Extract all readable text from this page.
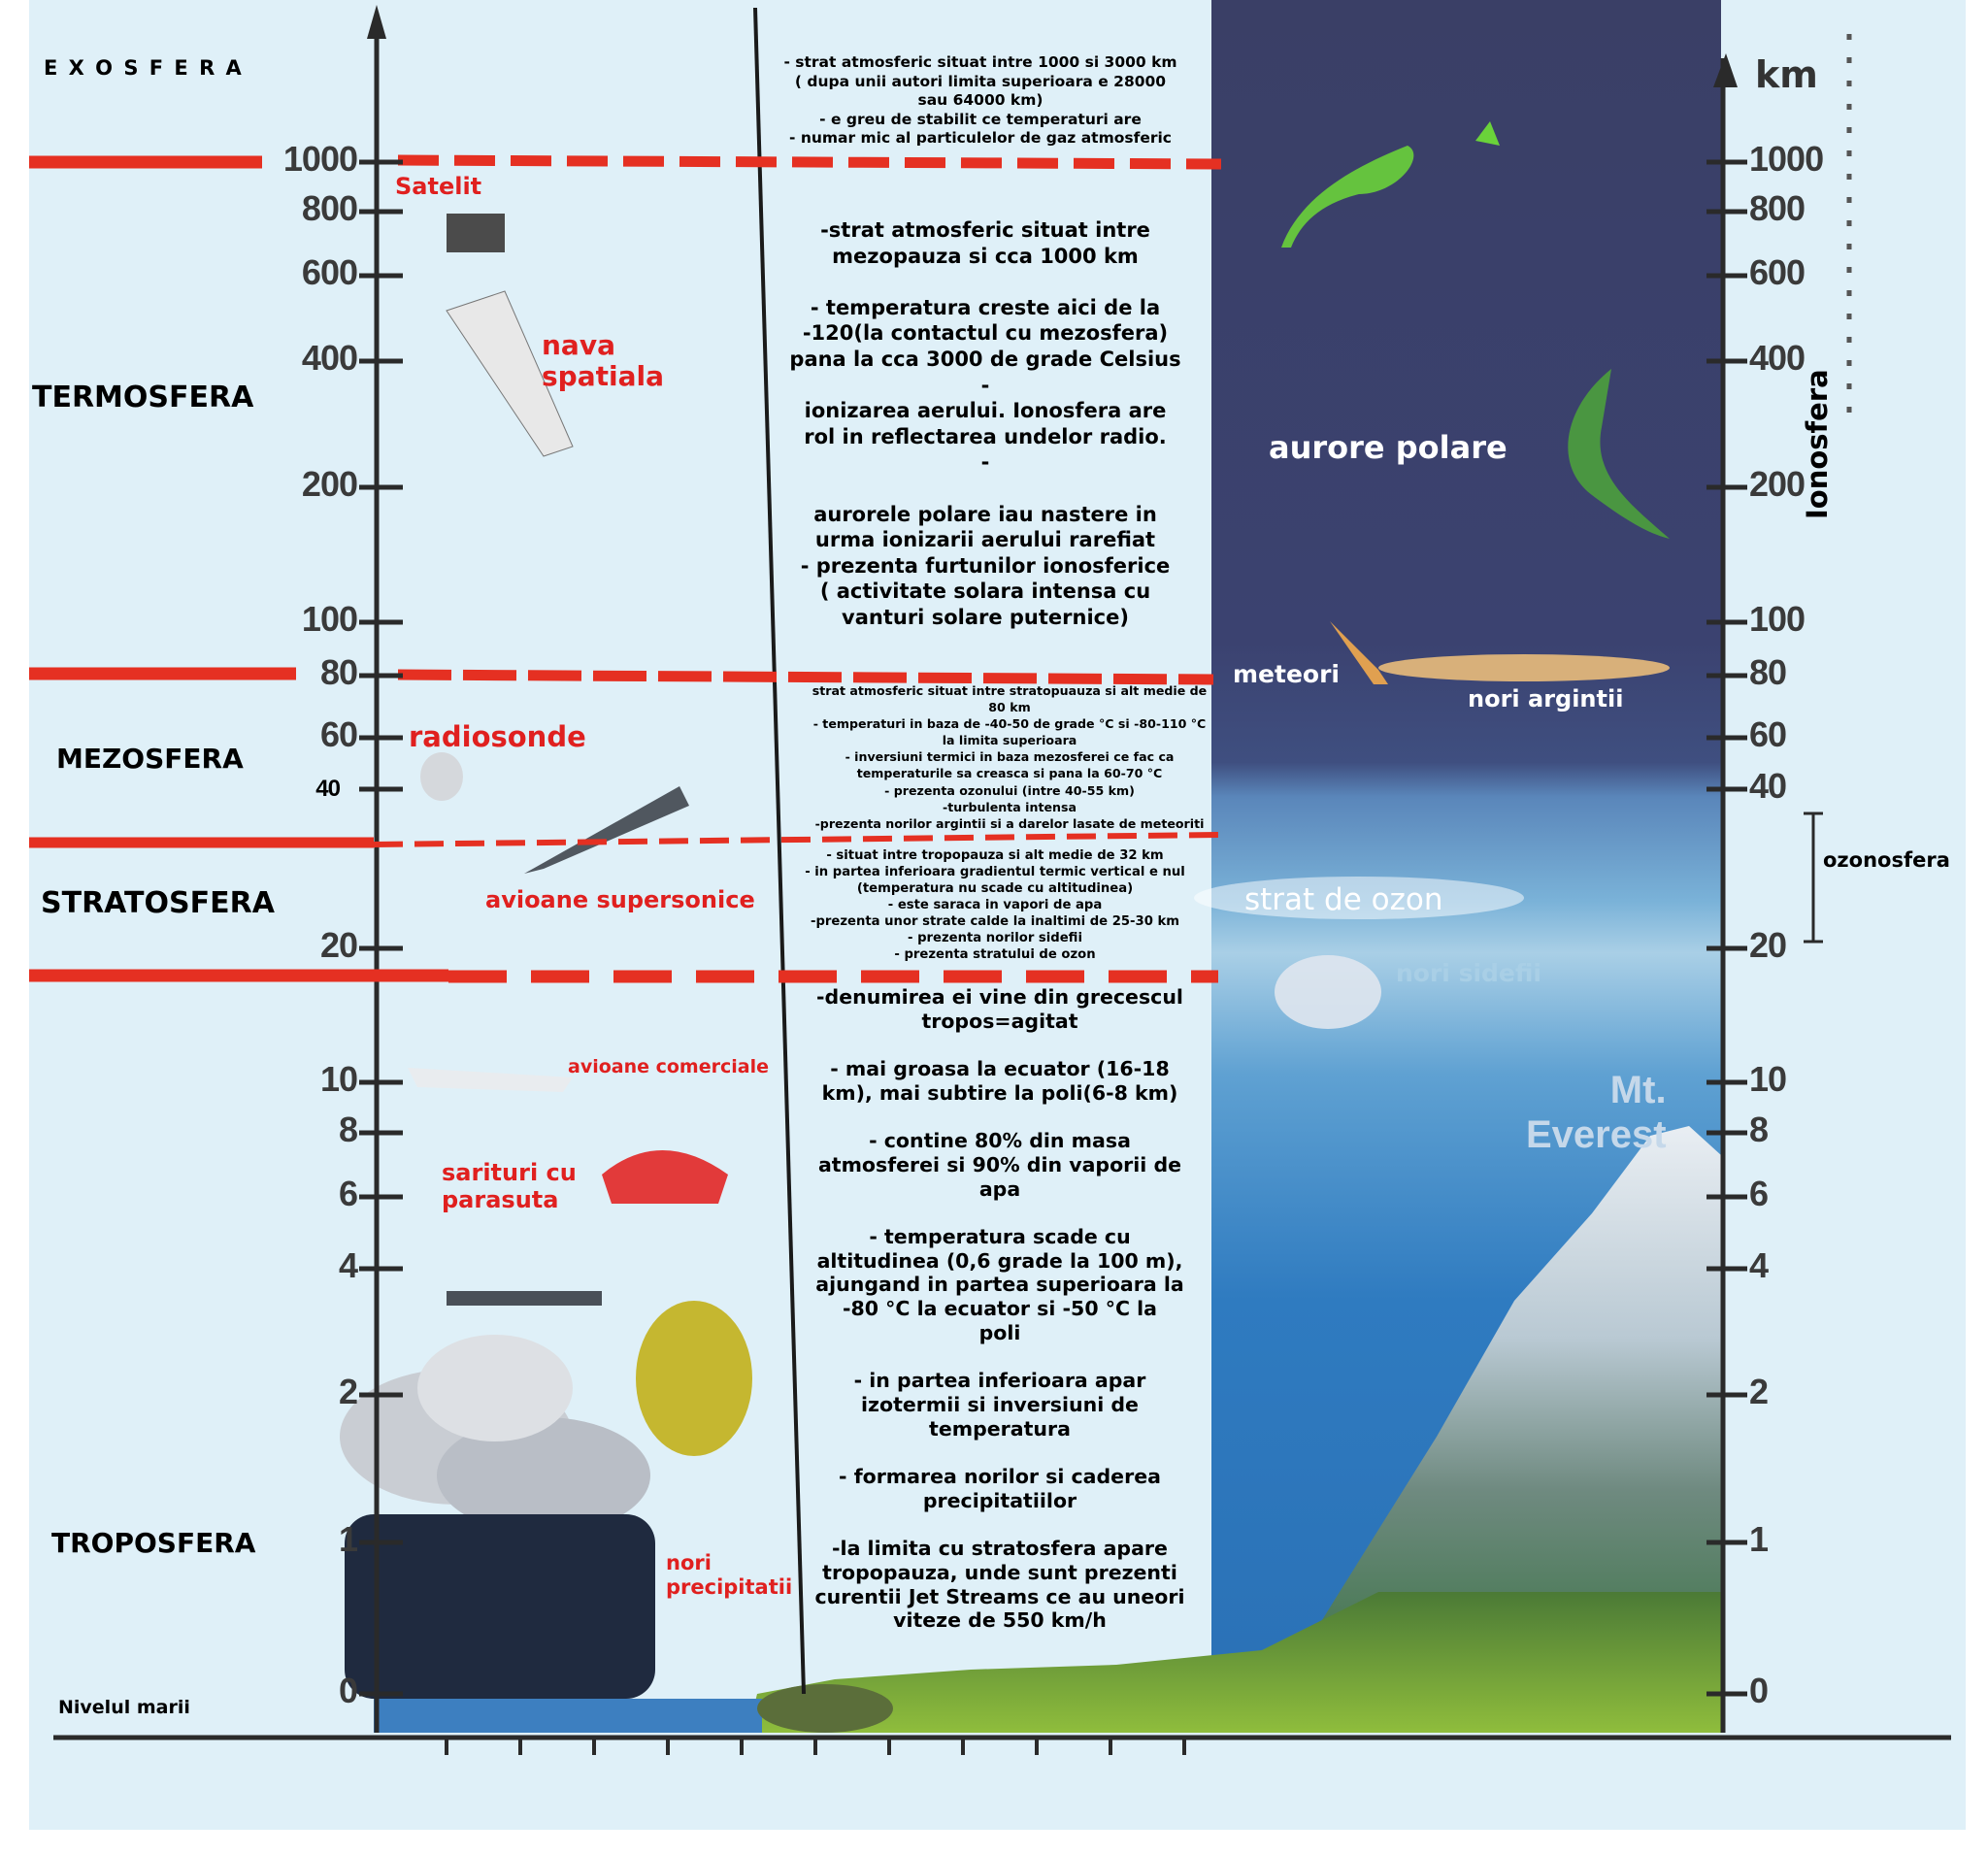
E X O S F E R A
TERMOSFERA
MEZOSFERA
STRATOSFERA
TROPOSFERA
Nivelul marii
1000
800
600
400
200
100
80
60
40
20
10
8
6
4
2
1
0
1000
800
600
400
200
100
80
60
40
20
10
8
6
4
2
1
0
km
Ionosfera
ozonosfera
Satelit
nava
spatiala
radiosonde
avioane supersonice
avioane comerciale
sarituri cu
parasuta
nori
precipitatii
aurore polare
meteori
nori argintii
strat de ozon
nori sidefii
Mt.
Everest
- strat atmosferic situat intre 1000 si 3000 km
( dupa unii autori limita superioara e 28000
sau 64000 km)
- e greu de stabilit ce temperaturi are
- numar mic al particulelor de gaz atmosferic
-strat atmosferic situat intre
mezopauza si cca 1000 km

- temperatura creste aici de la
-120(la contactul cu mezosfera)
pana la cca 3000 de grade Celsius
-
ionizarea aerului. Ionosfera are
rol in reflectarea undelor radio.
-

aurorele polare iau nastere in
urma ionizarii aerului rarefiat
- prezenta furtunilor ionosferice
( activitate solara intensa cu
vanturi solare puternice)
strat atmosferic situat intre stratopuauza si alt medie de
80 km
- temperaturi in baza de -40-50 de grade °C si -80-110 °C
la limita superioara
- inversiuni termici in baza mezosferei ce fac ca
temperaturile sa creasca si pana la 60-70 °C
- prezenta ozonului (intre 40-55 km)
-turbulenta intensa
-prezenta norilor argintii si a darelor lasate de meteoriti
- situat intre tropopauza si alt medie de 32 km
- in partea inferioara gradientul termic vertical e nul
(temperatura nu scade cu altitudinea)
- este saraca in vapori de apa
-prezenta unor strate calde la inaltimi de 25-30 km
- prezenta norilor sidefii
- prezenta stratului de ozon
-denumirea ei vine din grecescul
tropos=agitat

- mai groasa la ecuator (16-18
km), mai subtire la poli(6-8 km)

- contine 80% din masa
atmosferei si 90% din vaporii de
apa

- temperatura scade cu
altitudinea (0,6 grade la 100 m),
ajungand in partea superioara la
-80 °C la ecuator si -50 °C la
poli

- in partea inferioara apar
izotermii si inversiuni de
temperatura

- formarea norilor si caderea
precipitatiilor

-la limita cu stratosfera apare
tropopauza, unde sunt prezenti
curentii Jet Streams ce au uneori
viteze de 550 km/h
